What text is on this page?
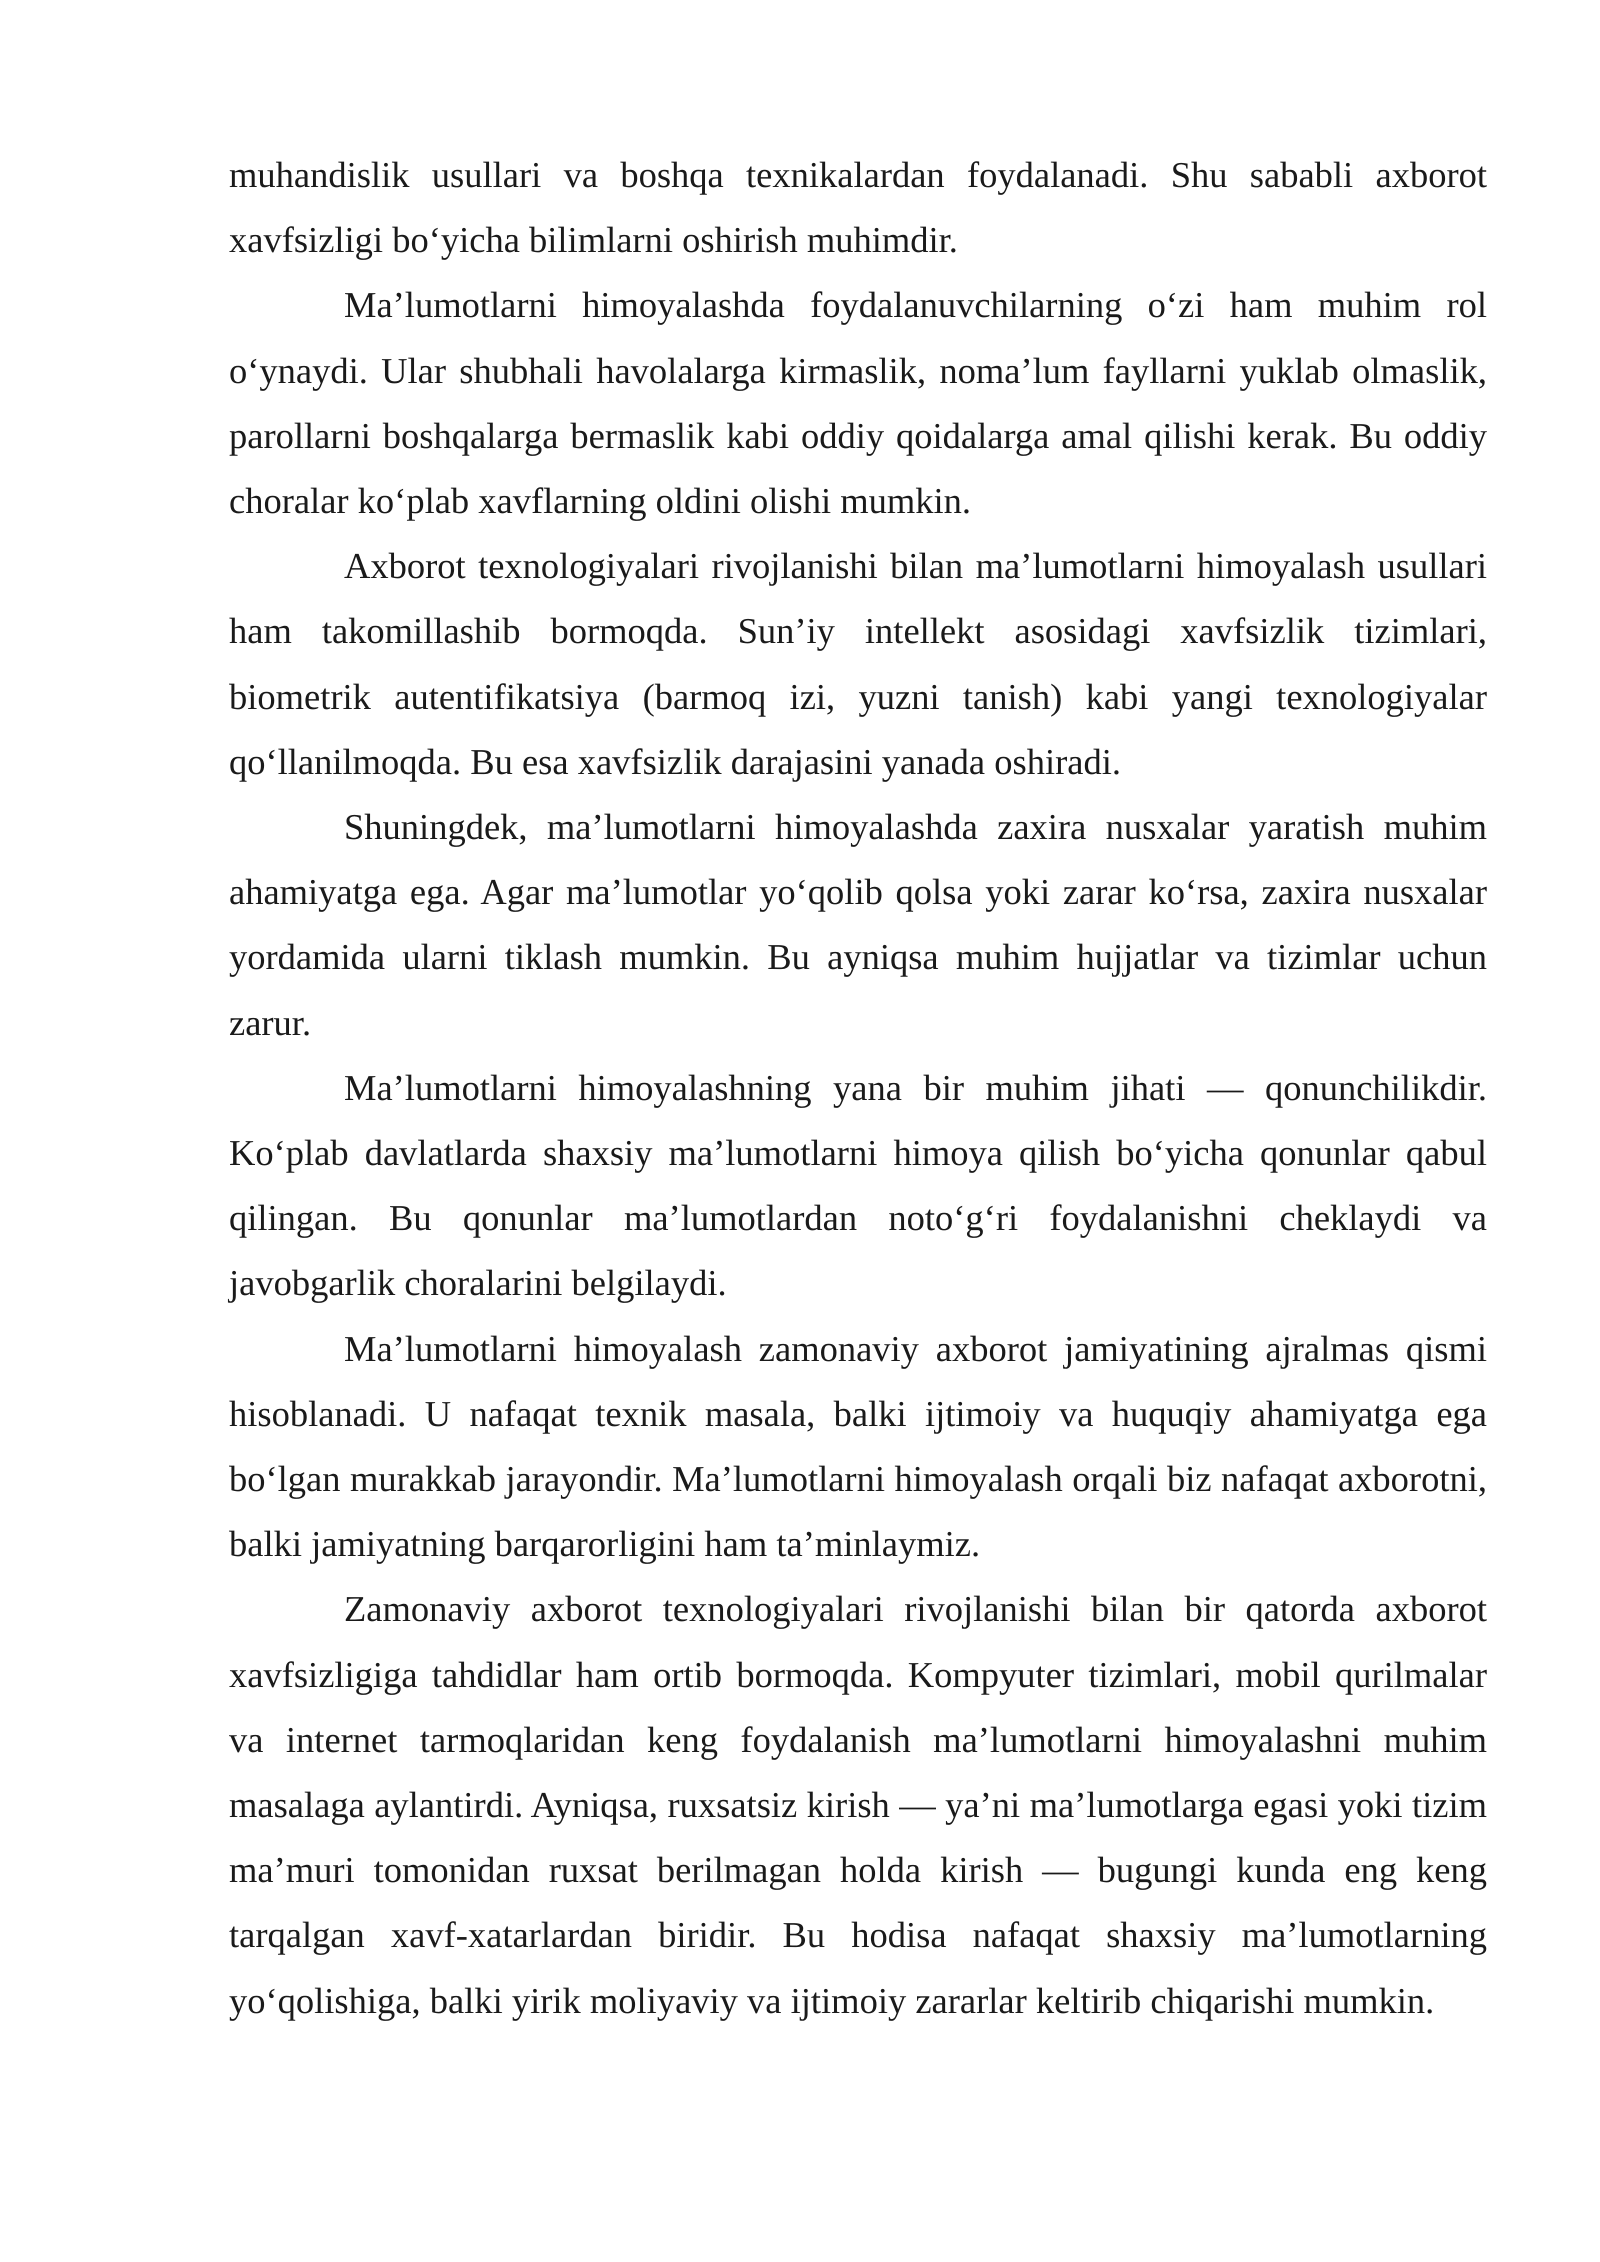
muhandislik usullari va boshqa texnikalardan foydalanadi. Shu sababli axborot xavfsizligi bo‘yicha bilimlarni oshirish muhimdir.

Ma’lumotlarni himoyalashda foydalanuvchilarning o‘zi ham muhim rol o‘ynaydi. Ular shubhali havolalarga kirmaslik, noma’lum fayllarni yuklab olmaslik, parollarni boshqalarga bermaslik kabi oddiy qoidalarga amal qilishi kerak. Bu oddiy choralar ko‘plab xavflarning oldini olishi mumkin.

Axborot texnologiyalari rivojlanishi bilan ma’lumotlarni himoyalash usullari ham takomillashib bormoqda. Sun’iy intellekt asosidagi xavfsizlik tizimlari, biometrik autentifikatsiya (barmoq izi, yuzni tanish) kabi yangi texnologiyalar qo‘llanilmoqda. Bu esa xavfsizlik darajasini yanada oshiradi.

Shuningdek, ma’lumotlarni himoyalashda zaxira nusxalar yaratish muhim ahamiyatga ega. Agar ma’lumotlar yo‘qolib qolsa yoki zarar ko‘rsa, zaxira nusxalar yordamida ularni tiklash mumkin. Bu ayniqsa muhim hujjatlar va tizimlar uchun zarur.

Ma’lumotlarni himoyalashning yana bir muhim jihati — qonunchilikdir. Ko‘plab davlatlarda shaxsiy ma’lumotlarni himoya qilish bo‘yicha qonunlar qabul qilingan. Bu qonunlar ma’lumotlardan noto‘g‘ri foydalanishni cheklaydi va javobgarlik choralarini belgilaydi.

Ma’lumotlarni himoyalash zamonaviy axborot jamiyatining ajralmas qismi hisoblanadi. U nafaqat texnik masala, balki ijtimoiy va huquqiy ahamiyatga ega bo‘lgan murakkab jarayondir. Ma’lumotlarni himoyalash orqali biz nafaqat axborotni, balki jamiyatning barqarorligini ham ta’minlaymiz.

Zamonaviy axborot texnologiyalari rivojlanishi bilan bir qatorda axborot xavfsizligiga tahdidlar ham ortib bormoqda. Kompyuter tizimlari, mobil qurilmalar va internet tarmoqlaridan keng foydalanish ma’lumotlarni himoyalashni muhim masalaga aylantirdi. Ayniqsa, ruxsatsiz kirish — ya’ni ma’lumotlarga egasi yoki tizim ma’muri tomonidan ruxsat berilmagan holda kirish — bugungi kunda eng keng tarqalgan xavf-xatarlardan biridir. Bu hodisa nafaqat shaxsiy ma’lumotlarning yo‘qolishiga, balki yirik moliyaviy va ijtimoiy zararlar keltirib chiqarishi mumkin.
